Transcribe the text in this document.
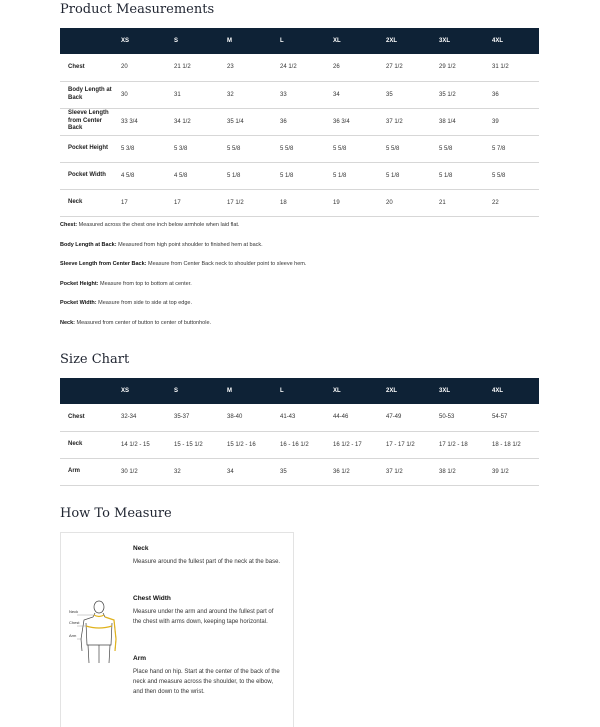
Product Measurements
	XS	S	M	L	XL	2XL	3XL	4XL
Chest	20	21 1/2	23	24 1/2	26	27 1/2	29 1/2	31 1/2
Body Length at Back	30	31	32	33	34	35	35 1/2	36
Sleeve Length from Center Back	33 3/4	34 1/2	35 1/4	36	36 3/4	37 1/2	38 1/4	39
Pocket Height	5 3/8	5 3/8	5 5/8	5 5/8	5 5/8	5 5/8	5 5/8	5 7/8
Pocket Width	4 5/8	4 5/8	5 1/8	5 1/8	5 1/8	5 1/8	5 1/8	5 5/8
Neck	17	17	17 1/2	18	19	20	21	22

Chest: Measured across the chest one inch below armhole when laid flat.

Body Length at Back: Measured from high point shoulder to finished hem at back.

Sleeve Length from Center Back: Measure from Center Back neck to shoulder point to sleeve hem.

Pocket Height: Measure from top to bottom at center.

Pocket Width: Measure from side to side at top edge.

Neck: Measured from center of button to center of buttonhole.

Size Chart
	XS	S	M	L	XL	2XL	3XL	4XL
Chest	32-34	35-37	38-40	41-43	44-46	47-49	50-53	54-57
Neck	14 1/2 - 15	15 - 15 1/2	15 1/2 - 16	16 - 16 1/2	16 1/2 - 17	17 - 17 1/2	17 1/2 - 18	18 - 18 1/2
Arm	30 1/2	32	34	35	36 1/2	37 1/2	38 1/2	39 1/2
How To Measure
Neck
Chest
Arm

Neck

Measure around the fullest part of the neck at the base.

Chest Width

Measure under the arm and around the fullest part of the chest with arms down, keeping tape horizontal.

Arm

Place hand on hip. Start at the center of the back of the neck and measure across the shoulder, to the elbow, and then down to the wrist.
